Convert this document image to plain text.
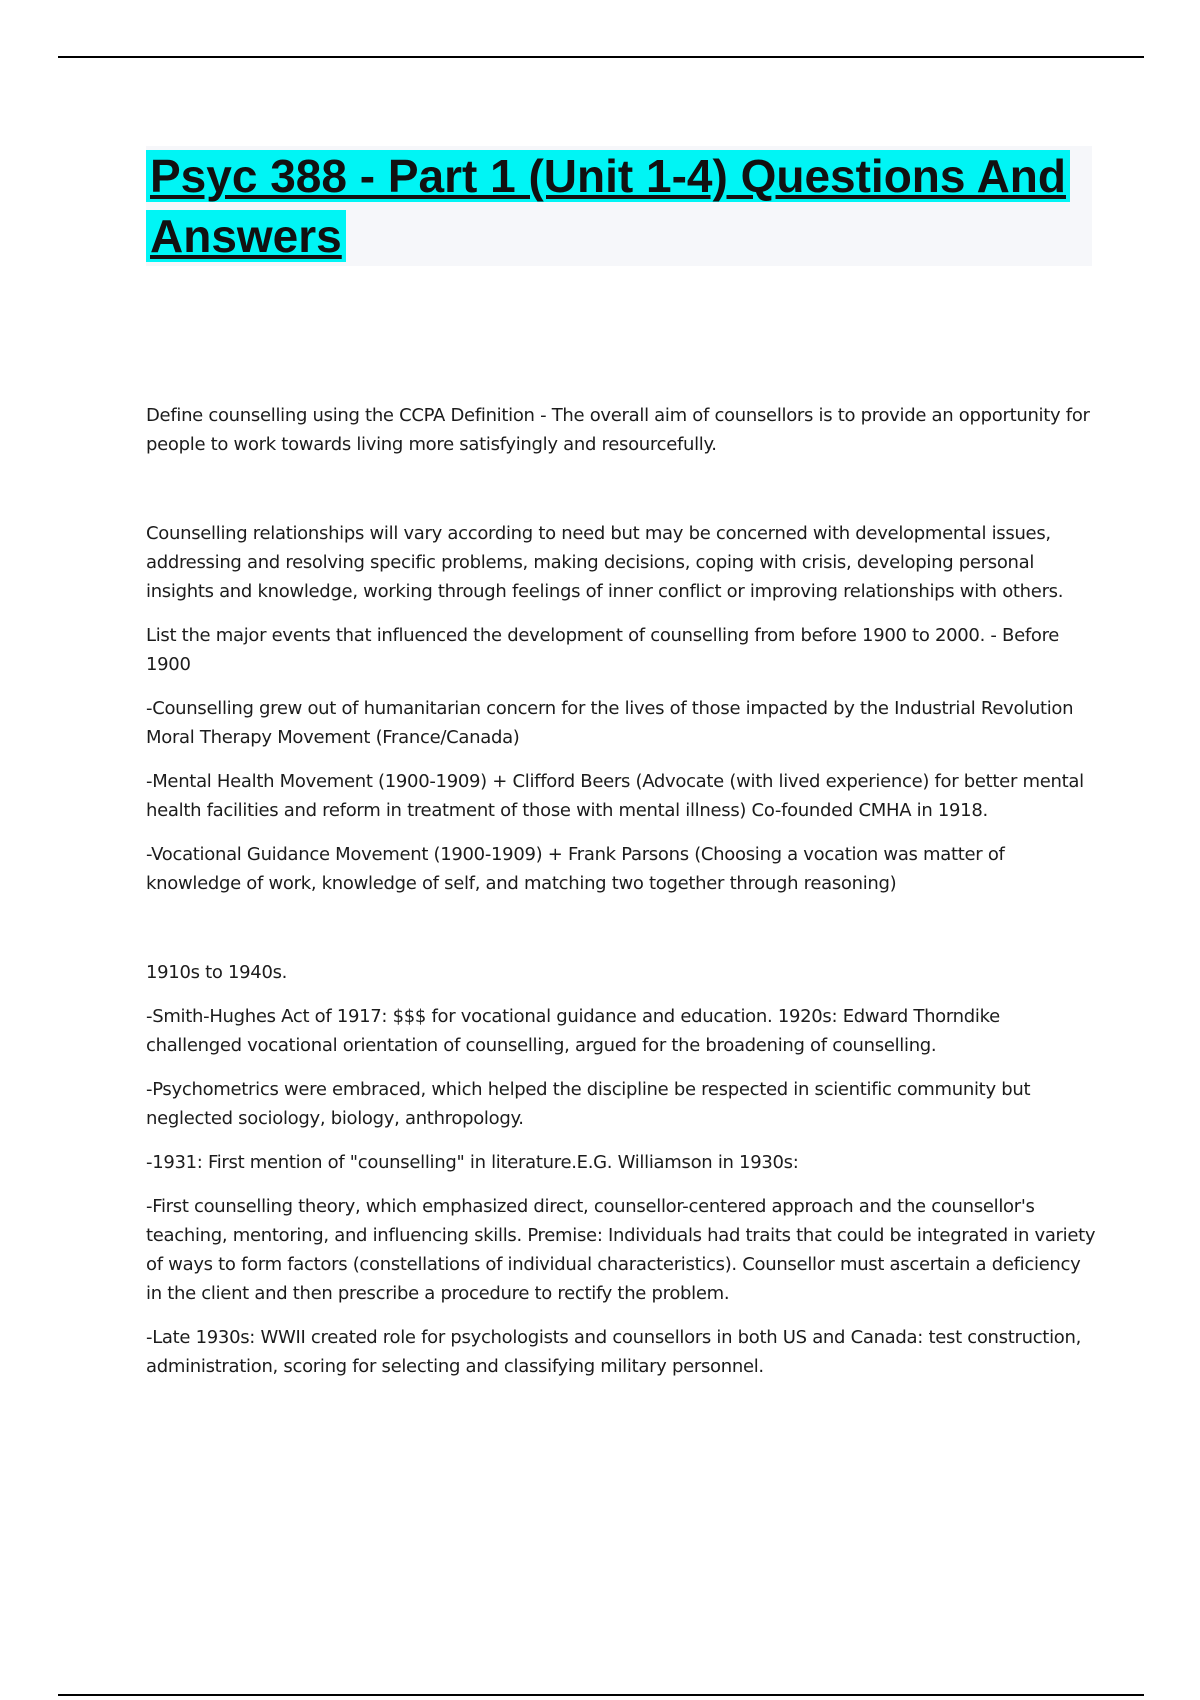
Psyc 388 - Part 1 (Unit 1-4) Questions And Answers

Define counselling using the CCPA Definition - The overall aim of counsellors is to provide an opportunity for people to work towards living more satisfyingly and resourcefully.

Counselling relationships will vary according to need but may be concerned with developmental issues, addressing and resolving specific problems, making decisions, coping with crisis, developing personal insights and knowledge, working through feelings of inner conflict or improving relationships with others.

List the major events that influenced the development of counselling from before 1900 to 2000. - Before 1900

-Counselling grew out of humanitarian concern for the lives of those impacted by the Industrial Revolution Moral Therapy Movement (France/Canada)

-Mental Health Movement (1900-1909) + Clifford Beers (Advocate (with lived experience) for better mental health facilities and reform in treatment of those with mental illness) Co-founded CMHA in 1918.

-Vocational Guidance Movement (1900-1909) + Frank Parsons (Choosing a vocation was matter of knowledge of work, knowledge of self, and matching two together through reasoning)

1910s to 1940s.

-Smith-Hughes Act of 1917: $$$ for vocational guidance and education. 1920s: Edward Thorndike challenged vocational orientation of counselling, argued for the broadening of counselling.

-Psychometrics were embraced, which helped the discipline be respected in scientific community but neglected sociology, biology, anthropology.

-1931: First mention of "counselling" in literature.E.G. Williamson in 1930s:

-First counselling theory, which emphasized direct, counsellor-centered approach and the counsellor's teaching, mentoring, and influencing skills. Premise: Individuals had traits that could be integrated in variety of ways to form factors (constellations of individual characteristics). Counsellor must ascertain a deficiency in the client and then prescribe a procedure to rectify the problem.

-Late 1930s: WWII created role for psychologists and counsellors in both US and Canada: test construction, administration, scoring for selecting and classifying military personnel.
